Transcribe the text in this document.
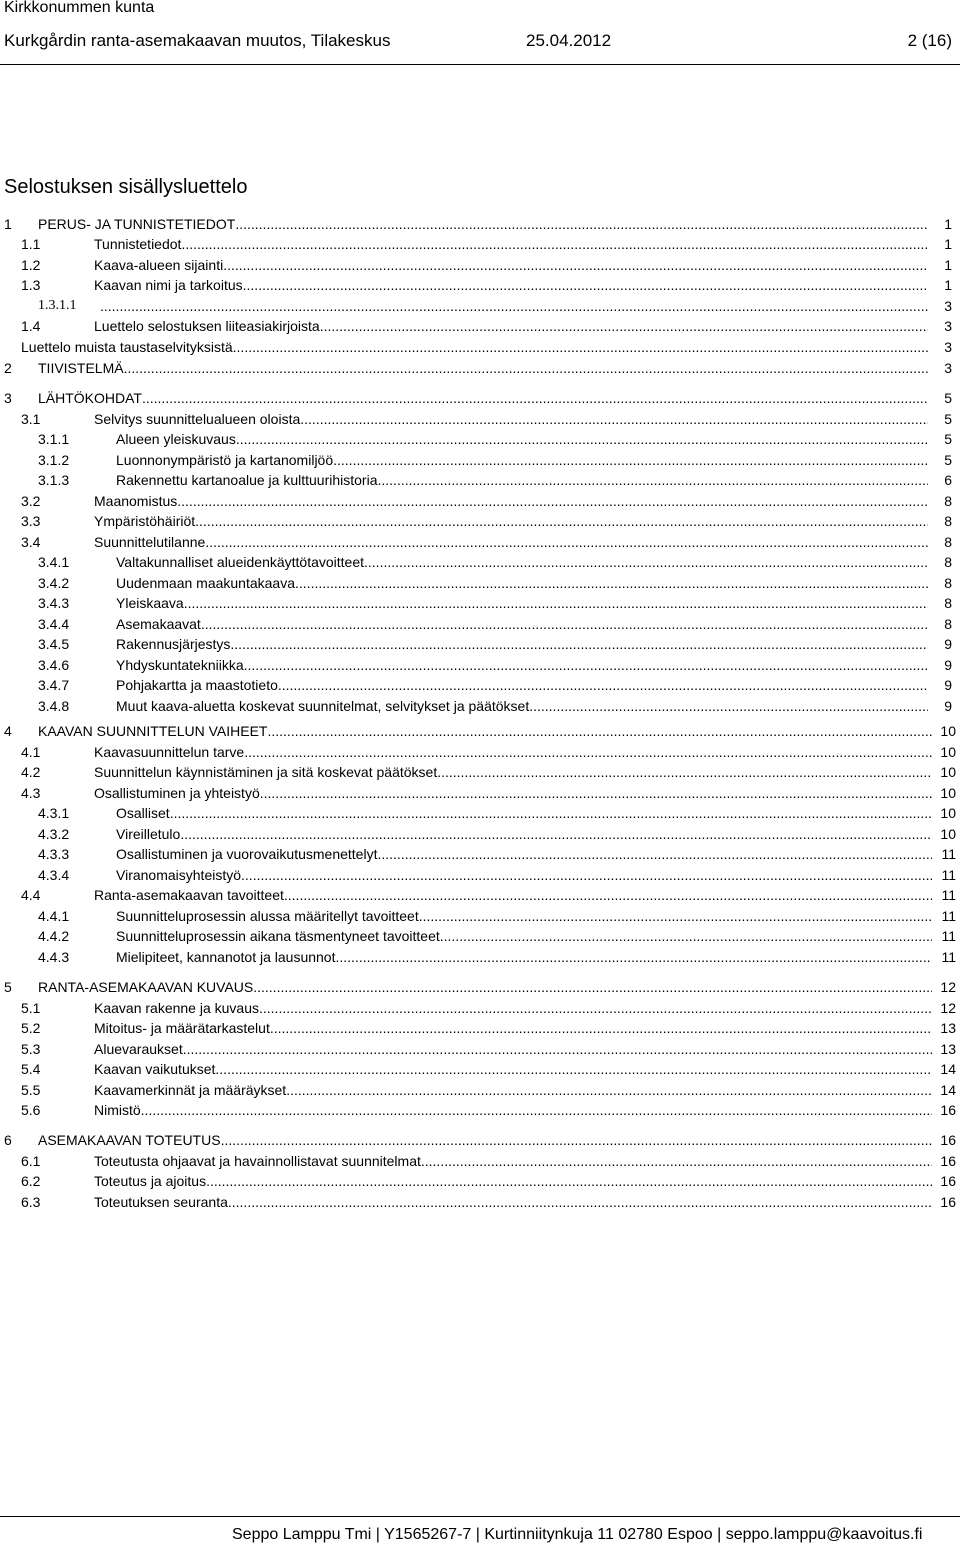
Kirkkonummen kunta
Kurkgårdin ranta-asemakaavan muutos, Tilakeskus	25.04.2012	2 (16)
Selostuksen sisällysluettelo
1 PERUS- JA TUNNISTETIEDOT .....	1
1.1	Tunnistetiedot .....	1
1.2	Kaava-alueen sijainti .....	1
1.3	Kaavan nimi ja tarkoitus .....	1
1.3.1.1 .....	3
1.4	Luettelo selostuksen liiteasiakirjoista .....	3
Luettelo muista taustaselvityksistä .....	3
2 TIIVISTELMÄ .....	3
3 LÄHTÖKOHDAT .....	5
3.1	Selvitys suunnittelualueen oloista .....	5
3.1.1	Alueen yleiskuvaus .....	5
3.1.2	Luonnonympäristö ja kartanomiljöö .....	5
3.1.3	Rakennettu kartanoalue ja kulttuurihistoria .....	6
3.2	Maanomistus .....	8
3.3	Ympäristöhäiriöt .....	8
3.4	Suunnittelutilanne .....	8
3.4.1	Valtakunnalliset alueidenkäyttötavoitteet .....	8
3.4.2	Uudenmaan maakuntakaava .....	8
3.4.3	Yleiskaava .....	8
3.4.4	Asemakaavat .....	8
3.4.5	Rakennusjärjestys .....	9
3.4.6	Yhdyskuntatekniikka .....	9
3.4.7	Pohjakartta ja maastotieto .....	9
3.4.8	Muut kaava-aluetta koskevat suunnitelmat, selvitykset ja päätökset .....	9
4 KAAVAN SUUNNITTELUN VAIHEET .....	10
4.1	Kaavasuunnittelun tarve .....	10
4.2	Suunnittelun käynnistäminen ja sitä koskevat päätökset .....	10
4.3	Osallistuminen ja yhteistyö .....	10
4.3.1	Osalliset .....	10
4.3.2	Vireilletulo .....	10
4.3.3	Osallistuminen ja vuorovaikutusmenettelyt .....	11
4.3.4	Viranomaisyhteistyö .....	11
4.4	Ranta-asemakaavan tavoitteet .....	11
4.4.1	Suunnitteluprosessin alussa määritellyt tavoitteet .....	11
4.4.2	Suunnitteluprosessin aikana täsmentyneet tavoitteet .....	11
4.4.3	Mielipiteet, kannanotot ja lausunnot .....	11
5 RANTA-ASEMAKAAVAN KUVAUS .....	12
5.1	Kaavan rakenne ja kuvaus .....	12
5.2	Mitoitus- ja määrätarkastelut .....	13
5.3	Aluevaraukset .....	13
5.4	Kaavan vaikutukset .....	14
5.5	Kaavamerkinnät ja määräykset .....	14
5.6	Nimistö .....	16
6 ASEMAKAAVAN TOTEUTUS .....	16
6.1	Toteutusta ohjaavat ja havainnollistavat suunnitelmat .....	16
6.2	Toteutus ja ajoitus .....	16
6.3	Toteutuksen seuranta .....	16
Seppo Lamppu Tmi | Y1565267-7 | Kurtinniitynkuja 11 02780 Espoo | seppo.lamppu@kaavoitus.fi
